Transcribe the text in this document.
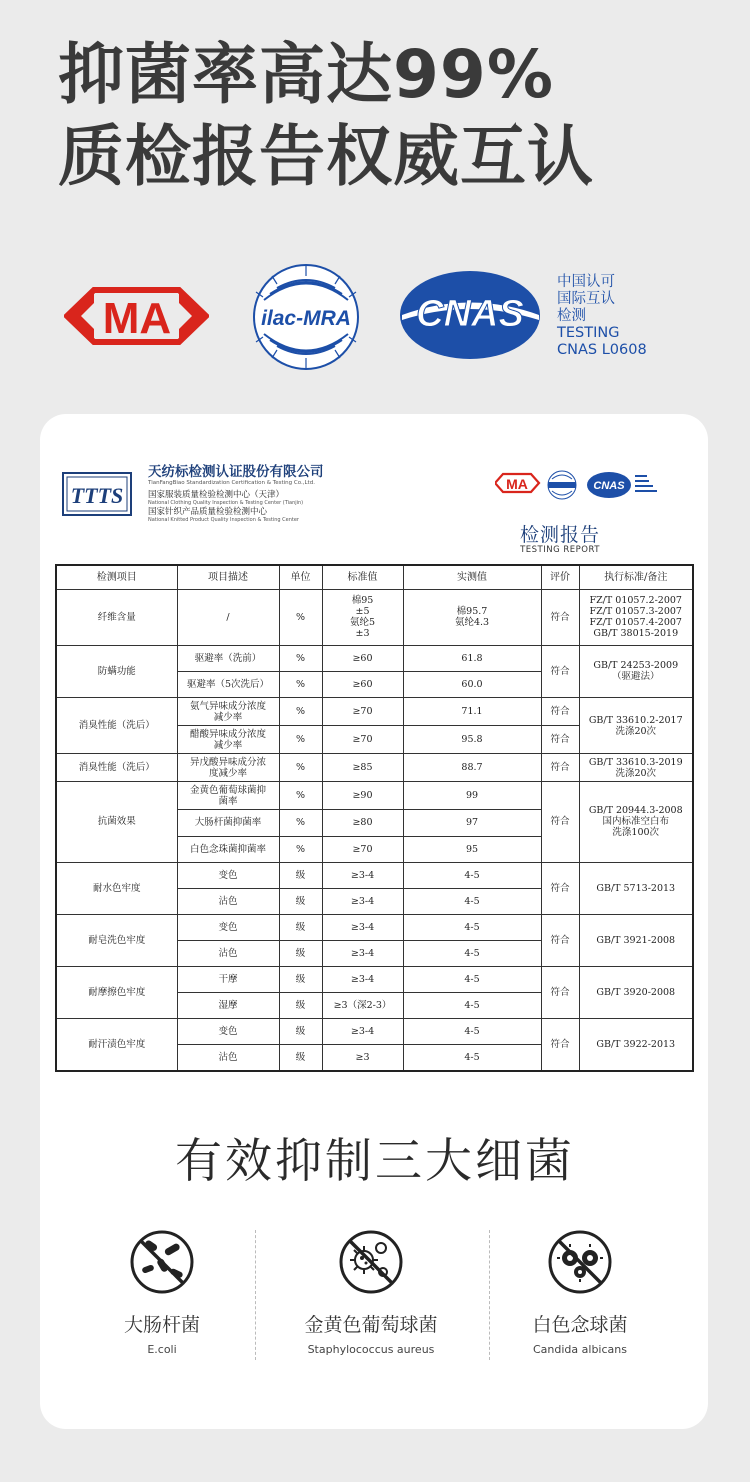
抑菌率高达99%
质检报告权威互认
MA	ilac-MRA CNAS
中国认可
国际互认
检测
TESTING
CNAS L0608
TTTS
天纺标检测认证股份有限公司
TianFangBiao Standardization Certification & Testing Co.,Ltd.
国家服装质量检验检测中心（天津）
National Clothing Quality Inspection & Testing Center (Tianjin)
国家针织产品质量检验检测中心
National Knitted Product Quality Inspection & Testing Center
MA	CNAS
检测报告
TESTING REPORT
检测项目	项目描述	单位	标准值	实测值	评价	执行标准/备注
纤维含量	/	%	棉95
±5
氨纶5
±3	棉95.7
氨纶4.3	符合	FZ/T 01057.2-2007
FZ/T 01057.3-2007
FZ/T 01057.4-2007
GB/T 38015-2019
防螨功能	驱避率（洗前）	%	≥60	61.8	符合	GB/T 24253-2009
（驱避法）
	驱避率（5次洗后）	%	≥60	60.0		
消臭性能（洗后）	氨气异味成分浓度
减少率	%	≥70	71.1	符合	GB/T 33610.2-2017
洗涤20次
	醋酸异味成分浓度
减少率	%	≥70	95.8	符合	
消臭性能（洗后）	异戊酸异味成分浓
度减少率	%	≥85	88.7	符合	GB/T 33610.3-2019
洗涤20次
抗菌效果	金黄色葡萄球菌抑
菌率	%	≥90	99	符合	GB/T 20944.3-2008
国内标准空白布
洗涤100次
	大肠杆菌抑菌率	%	≥80	97		
	白色念珠菌抑菌率	%	≥70	95		
耐水色牢度	变色	级	≥3-4	4-5	符合	GB/T 5713-2013
	沾色	级	≥3-4	4-5		
耐皂洗色牢度	变色	级	≥3-4	4-5	符合	GB/T 3921-2008
	沾色	级	≥3-4	4-5		
耐摩擦色牢度	干摩	级	≥3-4	4-5	符合	GB/T 3920-2008
	湿摩	级	≥3（深2-3）	4-5		
耐汗渍色牢度	变色	级	≥3-4	4-5	符合	GB/T 3922-2013
	沾色	级	≥3	4-5		
有效抑制三大细菌
大肠杆菌
E.coli
金黄色葡萄球菌
Staphylococcus aureus
白色念球菌
Candida albicans
